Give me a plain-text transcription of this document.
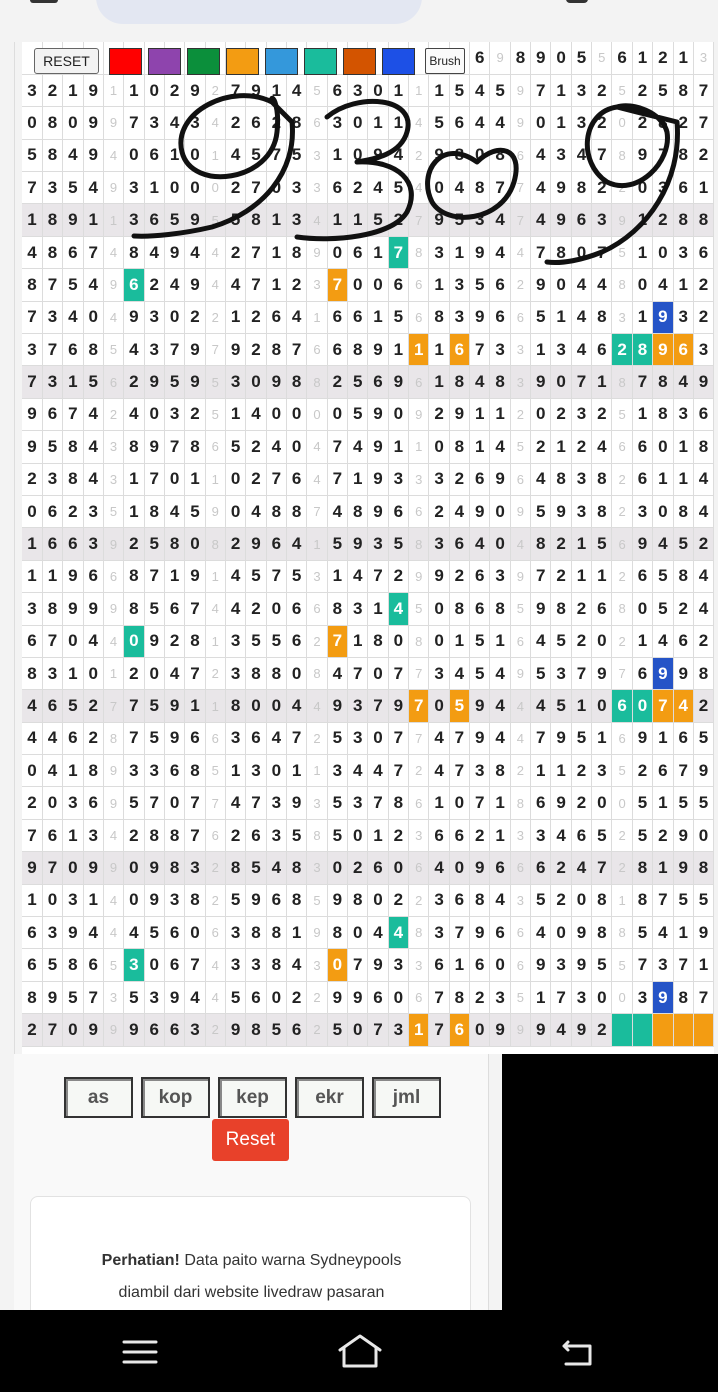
																						6	9	8	9	0	5	5	6	1	2	1	3
3	2	1	9	1	1	0	2	9	2	7	9	1	4	5	6	3	0	1	1	1	5	4	5	9	7	1	3	2	5	2	5	8	7
0	8	0	9	9	7	3	4	3	4	2	6	2	8	6	3	0	1	1	4	5	6	4	4	9	0	1	3	2	0	2	8	2	7
5	8	4	9	4	0	6	1	0	1	4	5	7	5	3	1	0	9	4	2	9	8	0	8	6	4	3	4	7	8	9	7	8	2
7	3	5	4	9	3	1	0	0	0	2	7	0	3	3	6	2	4	5	4	0	4	8	7	7	4	9	8	2	2	0	3	6	1
1	8	9	1	1	3	6	5	9	5	5	8	1	3	4	1	1	5	2	7	9	5	3	4	7	4	9	6	3	9	1	2	8	8
4	8	6	7	4	8	4	9	4	4	2	7	1	8	9	0	6	1	7	8	3	1	9	4	4	7	8	0	7	5	1	0	3	6
8	7	5	4	9	6	2	4	9	4	4	7	1	2	3	7	0	0	6	6	1	3	5	6	2	9	0	4	4	8	0	4	1	2
7	3	4	0	4	9	3	0	2	2	1	2	6	4	1	6	6	1	5	6	8	3	9	6	6	5	1	4	8	3	1	9	3	2
3	7	6	8	5	4	3	7	9	7	9	2	8	7	6	6	8	9	1	1	1	6	7	3	3	1	3	4	6	2	8	9	6	3
7	3	1	5	6	2	9	5	9	5	3	0	9	8	8	2	5	6	9	6	1	8	4	8	3	9	0	7	1	8	7	8	4	9
9	6	7	4	2	4	0	3	2	5	1	4	0	0	0	0	5	9	0	9	2	9	1	1	2	0	2	3	2	5	1	8	3	6
9	5	8	4	3	8	9	7	8	6	5	2	4	0	4	7	4	9	1	1	0	8	1	4	5	2	1	2	4	6	6	0	1	8
2	3	8	4	3	1	7	0	1	1	0	2	7	6	4	7	1	9	3	3	3	2	6	9	6	4	8	3	8	2	6	1	1	4
0	6	2	3	5	1	8	4	5	9	0	4	8	8	7	4	8	9	6	6	2	4	9	0	9	5	9	3	8	2	3	0	8	4
1	6	6	3	9	2	5	8	0	8	2	9	6	4	1	5	9	3	5	8	3	6	4	0	4	8	2	1	5	6	9	4	5	2
1	1	9	6	6	8	7	1	9	1	4	5	7	5	3	1	4	7	2	9	9	2	6	3	9	7	2	1	1	2	6	5	8	4
3	8	9	9	9	8	5	6	7	4	4	2	0	6	6	8	3	1	4	5	0	8	6	8	5	9	8	2	6	8	0	5	2	4
6	7	0	4	4	0	9	2	8	1	3	5	5	6	2	7	1	8	0	8	0	1	5	1	6	4	5	2	0	2	1	4	6	2
8	3	1	0	1	2	0	4	7	2	3	8	8	0	8	4	7	0	7	7	3	4	5	4	9	5	3	7	9	7	6	9	9	8
4	6	5	2	7	7	5	9	1	1	8	0	0	4	4	9	3	7	9	7	0	5	9	4	4	4	5	1	0	6	0	7	4	2
4	4	6	2	8	7	5	9	6	6	3	6	4	7	2	5	3	0	7	7	4	7	9	4	4	7	9	5	1	6	9	1	6	5
0	4	1	8	9	3	3	6	8	5	1	3	0	1	1	3	4	4	7	2	4	7	3	8	2	1	1	2	3	5	2	6	7	9
2	0	3	6	9	5	7	0	7	7	4	7	3	9	3	5	3	7	8	6	1	0	7	1	8	6	9	2	0	0	5	1	5	5
7	6	1	3	4	2	8	8	7	6	2	6	3	5	8	5	0	1	2	3	6	6	2	1	3	3	4	6	5	2	5	2	9	0
9	7	0	9	9	0	9	8	3	2	8	5	4	8	3	0	2	6	0	6	4	0	9	6	6	6	2	4	7	2	8	1	9	8
1	0	3	1	4	0	9	3	8	2	5	9	6	8	5	9	8	0	2	2	3	6	8	4	3	5	2	0	8	1	8	7	5	5
6	3	9	4	4	4	5	6	0	6	3	8	8	1	9	8	0	4	4	8	3	7	9	6	6	4	0	9	8	8	5	4	1	9
6	5	8	6	5	3	0	6	7	4	3	3	8	4	3	0	7	9	3	3	6	1	6	0	6	9	3	9	5	5	7	3	7	1
8	9	5	7	3	5	3	9	4	4	5	6	0	2	2	9	9	6	0	6	7	8	2	3	5	1	7	3	0	0	3	9	8	7
2	7	0	9	9	9	6	6	3	2	9	8	5	6	2	5	0	7	3	1	7	6	0	9	9	9	4	9	2					
RESET	Brush
as	kop	kep	ekr	jml
Reset
Perhatian! Data paito warna Sydneypools
diambil dari website livedraw pasaran
